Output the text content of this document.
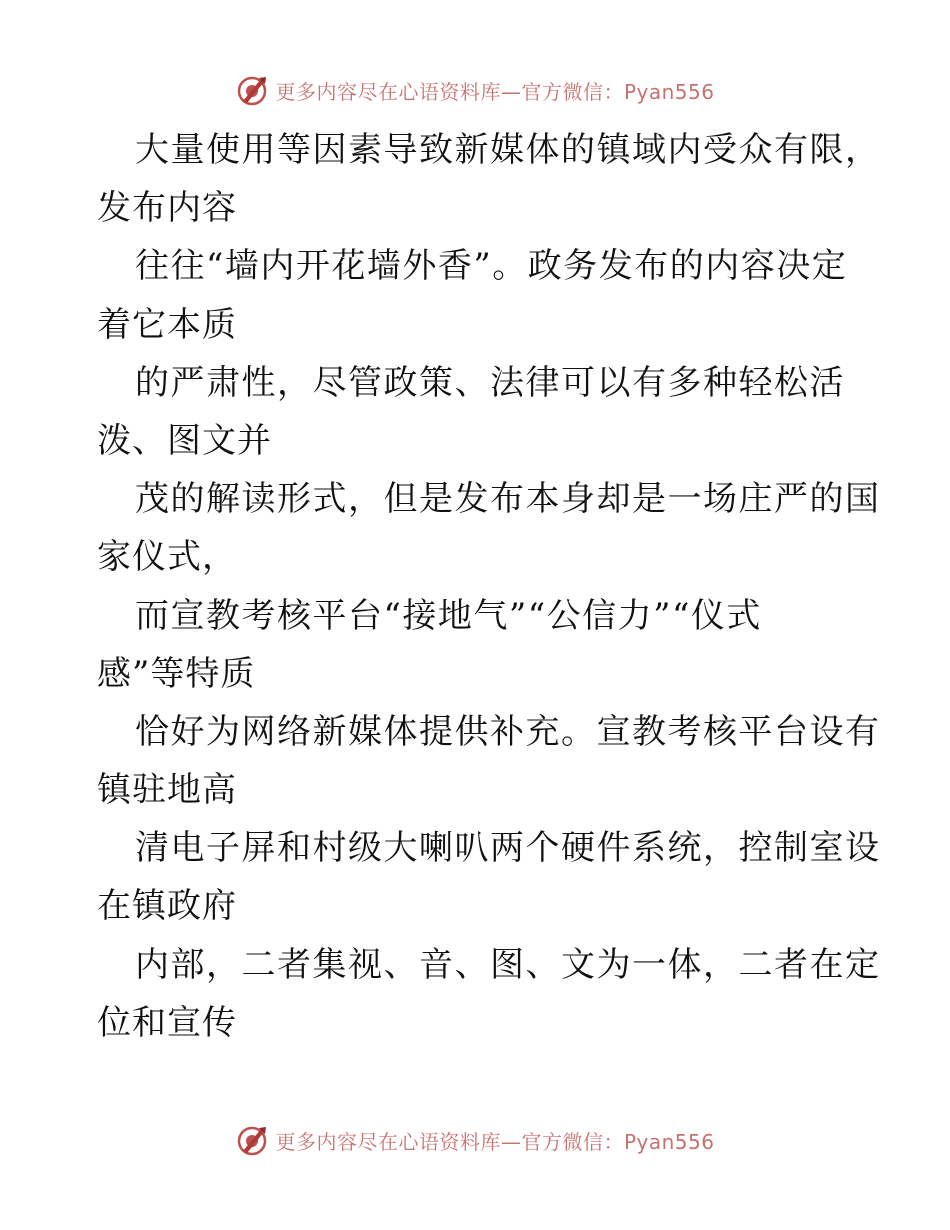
更多内容尽在心语资料库—官方微信：Pyan556

大量使用等因素导致新媒体的镇域内受众有限，

发布内容

往往“墙内开花墙外香”。政务发布的内容决定

着它本质

的严肃性，尽管政策、法律可以有多种轻松活

泼、图文并

茂的解读形式，但是发布本身却是一场庄严的国

家仪式，

而宣教考核平台“接地气”“公信力”“仪式

感”等特质

恰好为网络新媒体提供补充。宣教考核平台设有

镇驻地高

清电子屏和村级大喇叭两个硬件系统，控制室设

在镇政府

内部，二者集视、音、图、文为一体，二者在定

位和宣传

更多内容尽在心语资料库—官方微信：Pyan556
